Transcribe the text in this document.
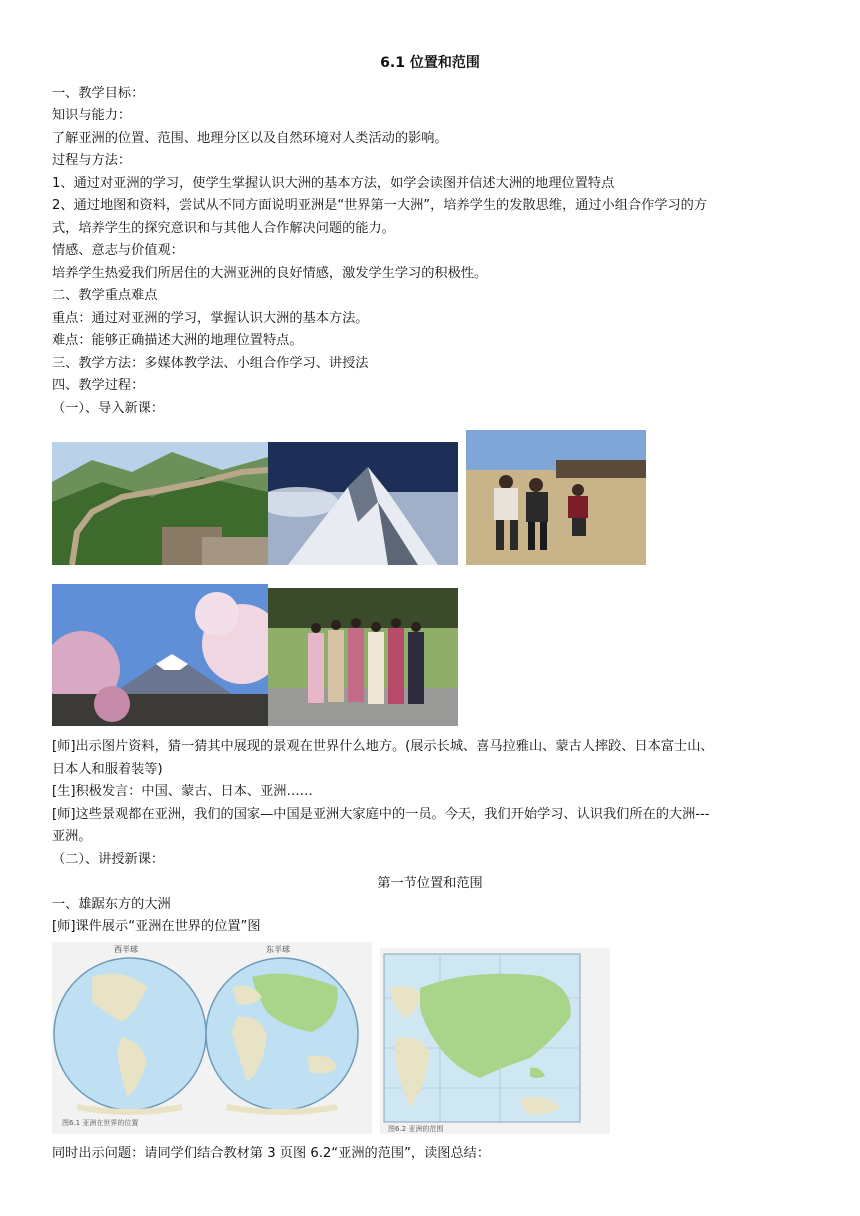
6.1 位置和范围
一、教学目标：
知识与能力：
了解亚洲的位置、范围、地理分区以及自然环境对人类活动的影响。
过程与方法：
1、通过对亚洲的学习，使学生掌握认识大洲的基本方法，如学会读图并信述大洲的地理位置特点
2、通过地图和资料，尝试从不同方面说明亚洲是“世界第一大洲”，培养学生的发散思维，通过小组合作学习的方
式，培养学生的探究意识和与其他人合作解决问题的能力。
情感、意志与价值观：
培养学生热爱我们所居住的大洲亚洲的良好情感，激发学生学习的积极性。
二、教学重点难点
重点：通过对亚洲的学习，掌握认识大洲的基本方法。
难点：能够正确描述大洲的地理位置特点。
三、教学方法：多媒体教学法、小组合作学习、讲授法
四、教学过程：
（一）、导入新课：
[师]出示图片资料，猜一猜其中展现的景观在世界什么地方。(展示长城、喜马拉雅山、蒙古人摔跤、日本富士山、
日本人和服着装等)
[生]积极发言：中国、蒙古、日本、亚洲……
[师]这些景观都在亚洲，我们的国家—中国是亚洲大家庭中的一员。今天，我们开始学习、认识我们所在的大洲---
亚洲。
（二）、讲授新课：
第一节位置和范围
一、雄踞东方的大洲
[师]课件展示“亚洲在世界的位置”图
西半球	东半球
图6.1 亚洲在世界的位置
图6.2 亚洲的范围
同时出示问题：请同学们结合教材第 3 页图 6.2“亚洲的范围”，读图总结：
